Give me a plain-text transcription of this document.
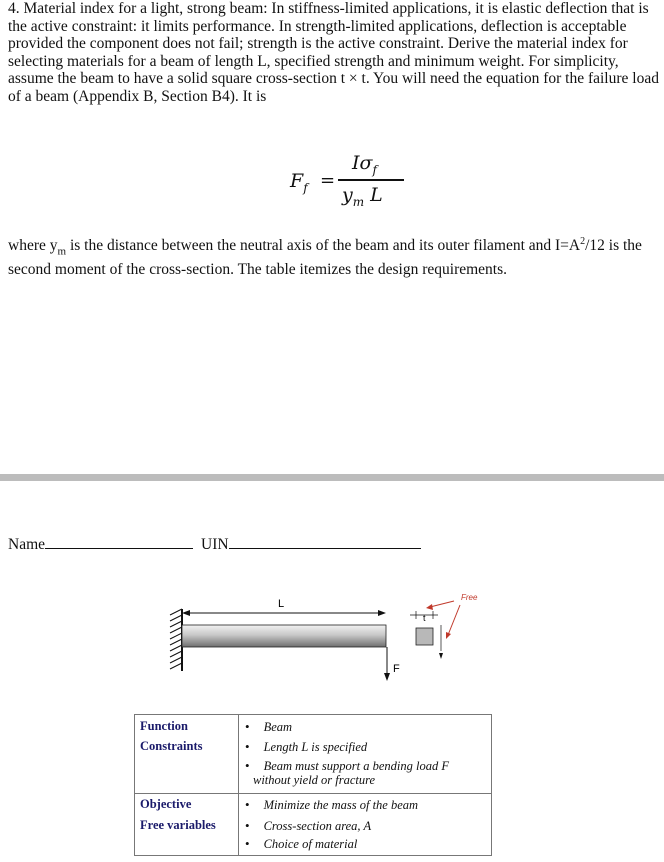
4. Material index for a light, strong beam: In stiffness-limited applications, it is elastic deflection that is the active constraint: it limits performance. In strength-limited applications, deflection is acceptable provided the component does not fail; strength is the active constraint. Derive the material index for selecting materials for a beam of length L, specified strength and minimum weight. For simplicity, assume the beam to have a solid square cross-section t × t. You will need the equation for the failure load of a beam (Appendix B, Section B4). It is
$F_f$ =
$I\sigma_f$
$y_m$ L
where $y_m$ is the distance between the neutral axis of the beam and its outer filament and $I=A^2/12$ is the second moment of the cross-section. The table itemizes the design requirements.
Name	UIN
L
F
t
Free
Function
Constraints
Objective
Free variables
• Beam
• Length L is specified
• Beam must support a bending load F
without yield or fracture
• Minimize the mass of the beam
• Cross-section area, A
• Choice of material
